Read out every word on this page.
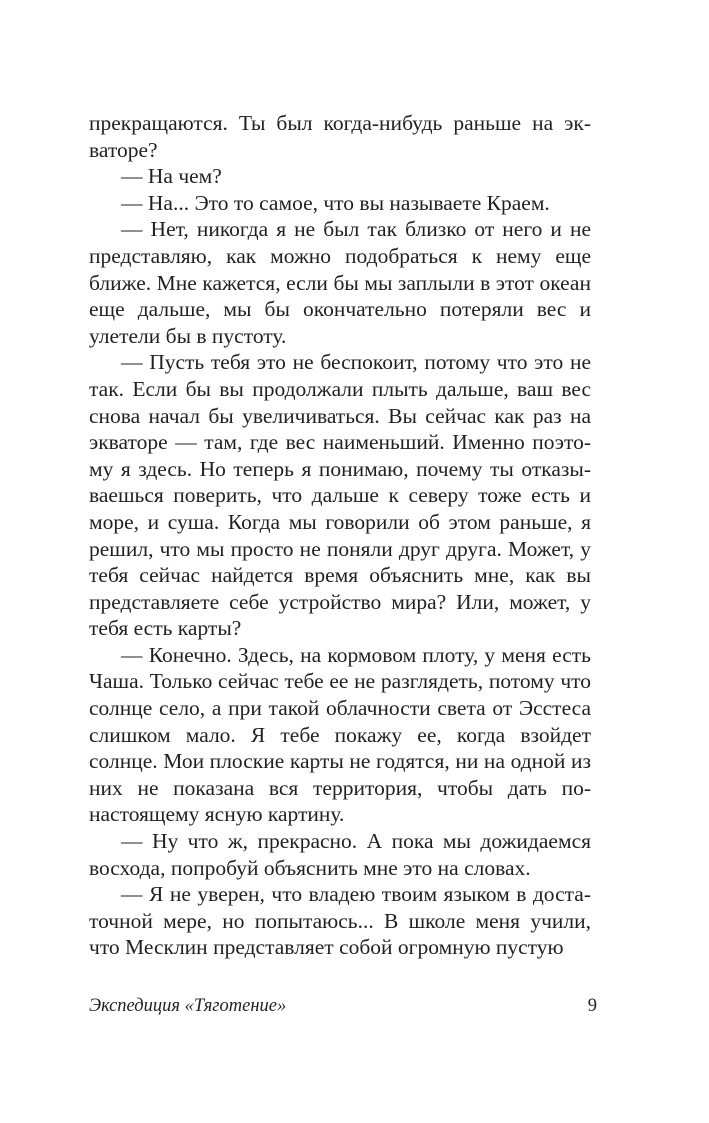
прекращаются. Ты был когда-нибудь раньше на экваторе?

— На чем?

— На... Это то самое, что вы называете Краем.

— Нет, никогда я не был так близко от него и не представляю, как можно подобраться к нему еще ближе. Мне кажется, если бы мы заплыли в этот океан еще дальше, мы бы окончательно потеряли вес и улетели бы в пустоту.

— Пусть тебя это не беспокоит, потому что это не так. Если бы вы продолжали плыть дальше, ваш вес снова начал бы увеличиваться. Вы сейчас как раз на экваторе — там, где вес наименьший. Именно поэтому я здесь. Но теперь я понимаю, почему ты отказываешься поверить, что дальше к северу тоже есть и море, и суша. Когда мы говорили об этом раньше, я решил, что мы просто не поняли друг друга. Может, у тебя сейчас найдется время объяснить мне, как вы представляете себе устройство мира? Или, может, у тебя есть карты?

— Конечно. Здесь, на кормовом плоту, у меня есть Чаша. Только сейчас тебе ее не разглядеть, потому что солнце село, а при такой облачности света от Эсстеса слишком мало. Я тебе покажу ее, когда взойдет солнце. Мои плоские карты не годятся, ни на одной из них не показана вся территория, чтобы дать по-настоящему ясную картину.

— Ну что ж, прекрасно. А пока мы дожидаемся восхода, попробуй объяснить мне это на словах.

— Я не уверен, что владею твоим языком в достаточной мере, но попытаюсь... В школе меня учили, что Месклин представляет собой огромную пустую

Экспедиция «Тяготение»	9
